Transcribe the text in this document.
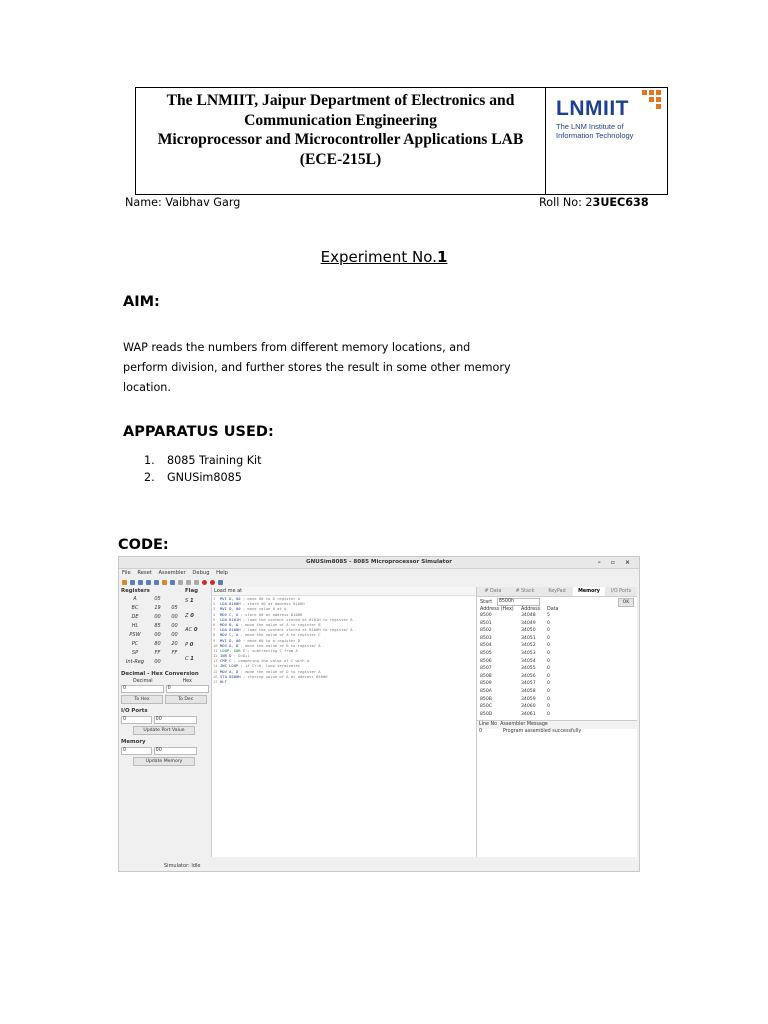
The LNMIIT, Jaipur Department of Electronics and
Communication Engineering
Microprocessor and Microcontroller Applications LAB
(ECE-215L)
LNMIIT
The LNM Institute of
Information Technology
Name: Vaibhav Garg	Roll No: 23UEC638
Experiment No.1
AIM:
WAP reads the numbers from different memory locations, and
perform division, and further stores the result in some other memory
location.
APPARATUS USED:
1. 8085 Training Kit
2. GNUSim8085
CODE:
GNUSim8085 - 8085 Microprocessor Simulator	– ▫ ×
File Reset Assembler Debug Help
Registers
A	05
BC	19	05
DE	00	00
HL	85	00
PSW	00	00
PC	80	20
SP	FF	FF
Int-Reg	00
Flag
S 1
Z 0
AC 0
P 0
C 1
Decimal - Hex Conversion
Decimal	Hex
0	0
To Hex	To Dec
I/O Ports
0	00
Update Port Value
Memory
0	00
Update Memory
Load me at
1 MVI D, 00 ; move 00 to D register A
2 LDA 8100H ; store 00 at address 8100H
3 MVI D, 00 ; move value 0 at A
4 MOV C, A ; store 00 at address 8100H
5 LDA 8101H ; load the content stored at 8101H to register A
6 MOV B, A ; move the value of A to register B
7 LDA 8100H ; load the content stored at 8100H to register A
8 MOV C, A ; move the value of A to register C
9 MVI D, 00 ; move 00 to a register D
10 MOV A, B ; move the value of B to register A
11 LOOP: SUB C ; subtracting C from A
12 INR D ; D=D+1
13 CMP C ; comparing the value of C with A
14 JNC LOOP ; if CY=0, loop terminates
15 MOV A, D ; move the value of D to register A
16 STA 8500H ; storing value of A at address 8500H
17 HLT
# Data	# Stack	KeyPad	Memory	I/O Ports
Start 8500h	OK
Address (Hex)	Address	Data
8500	34048	5
8501	34049	0
8502	34050	0
8503	34051	0
8504	34052	0
8505	34053	0
8506	34054	0
8507	34055	0
8508	34056	0
8509	34057	0
850A	34058	0
850B	34059	0
850C	34060	0
850D	34061	0
Line No Assembler Message
0	Program assembled successfully
Simulator: Idle
